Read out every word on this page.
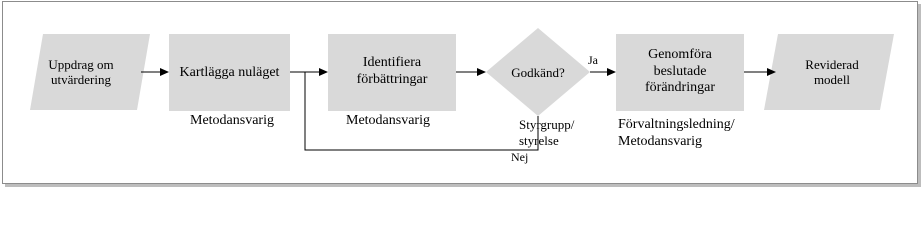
Uppdrag om utvärdering	Kartlägga nuläget
Identifiera förbättringar	Godkänd?
Genomföra beslutade förändringar
Reviderad modell
Ja
Nej
Metodansvarig	Metodansvarig	Styrgrupp/
styrelse
Förvaltningsledning/
Metodansvarig
